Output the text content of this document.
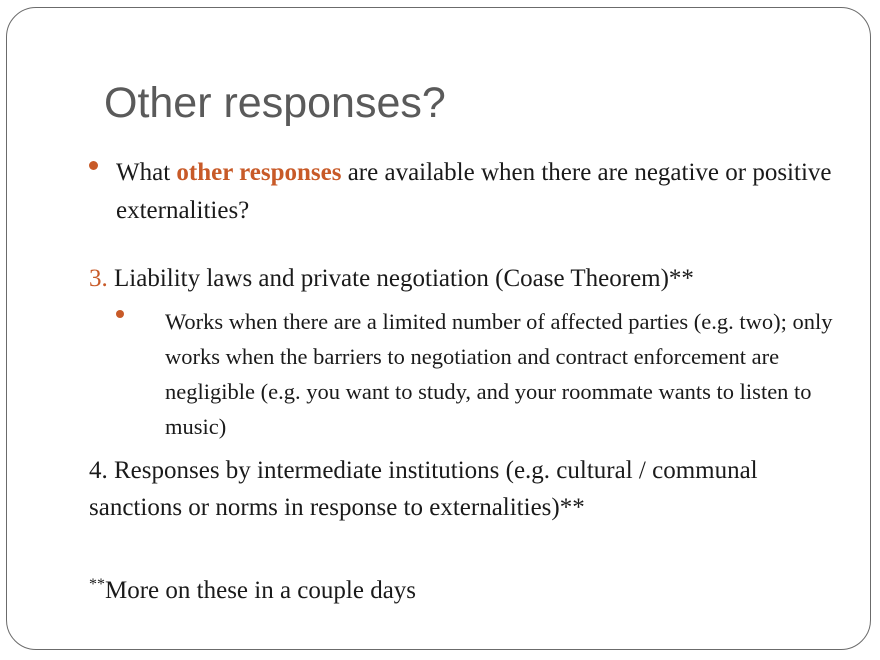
Other responses?
What other responses are available when there are negative or positive externalities?
3. Liability laws and private negotiation (Coase Theorem)**
Works when there are a limited number of affected parties (e.g. two); only works when the barriers to negotiation and contract enforcement are negligible (e.g. you want to study, and your roommate wants to listen to music)
4. Responses by intermediate institutions (e.g. cultural / communal sanctions or norms in response to externalities)**
**More on these in a couple days
